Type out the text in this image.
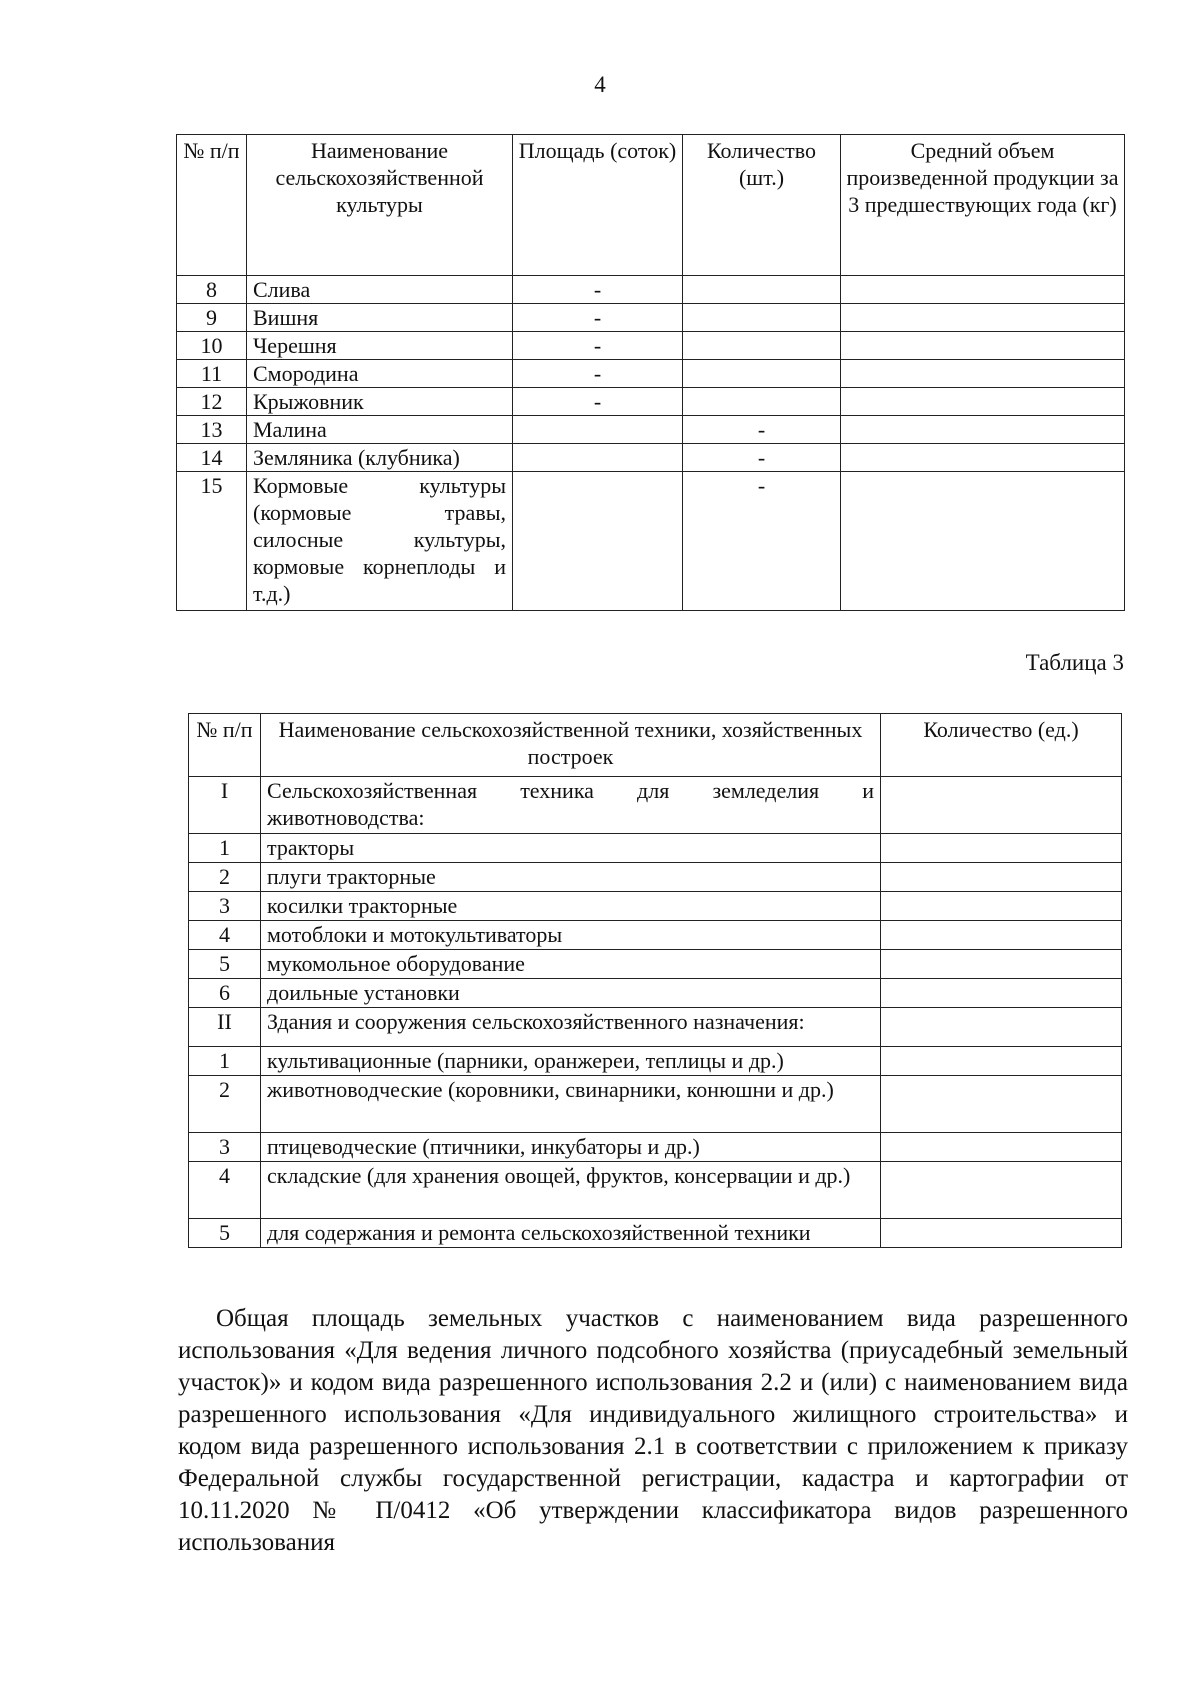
4
№ п/п	Наименование сельскохозяйственной культуры	Площадь (соток)	Количество (шт.)	Средний объем произведенной продукции за 3 предшествующих года (кг)
8	Слива	-		
9	Вишня	-		
10	Черешня	-		
11	Смородина	-		
12	Крыжовник	-		
13	Малина		-	
14	Земляника (клубника)		-	
15	Кормовые культуры (кормовые травы, силосные культуры, кормовые корнеплоды и т.д.)		-	
Таблица 3
№ п/п	Наименование сельскохозяйственной техники, хозяйственных построек	Количество (ед.)
I	Сельскохозяйственная техника для земледелия и животноводства:	
1	тракторы	
2	плуги тракторные	
3	косилки тракторные	
4	мотоблоки и мотокультиваторы	
5	мукомольное оборудование	
6	доильные установки	
II	Здания и сооружения сельскохозяйственного назначения:	
1	культивационные (парники, оранжереи, теплицы и др.)	
2	животноводческие (коровники, свинарники, конюшни и др.)	
3	птицеводческие (птичники, инкубаторы и др.)	
4	складские (для хранения овощей, фруктов, консервации и др.)	
5	для содержания и ремонта сельскохозяйственной техники	
Общая площадь земельных участков с наименованием вида разрешенного использования «Для ведения личного подсобного хозяйства (приусадебный земельный участок)» и кодом вида разрешенного использования 2.2 и (или) с наименованием вида разрешенного использования «Для индивидуального жилищного строительства» и кодом вида разрешенного использования 2.1 в соответствии с приложением к приказу Федеральной службы государственной регистрации, кадастра и картографии от 10.11.2020 № П/0412 «Об утверждении классификатора видов разрешенного использования
